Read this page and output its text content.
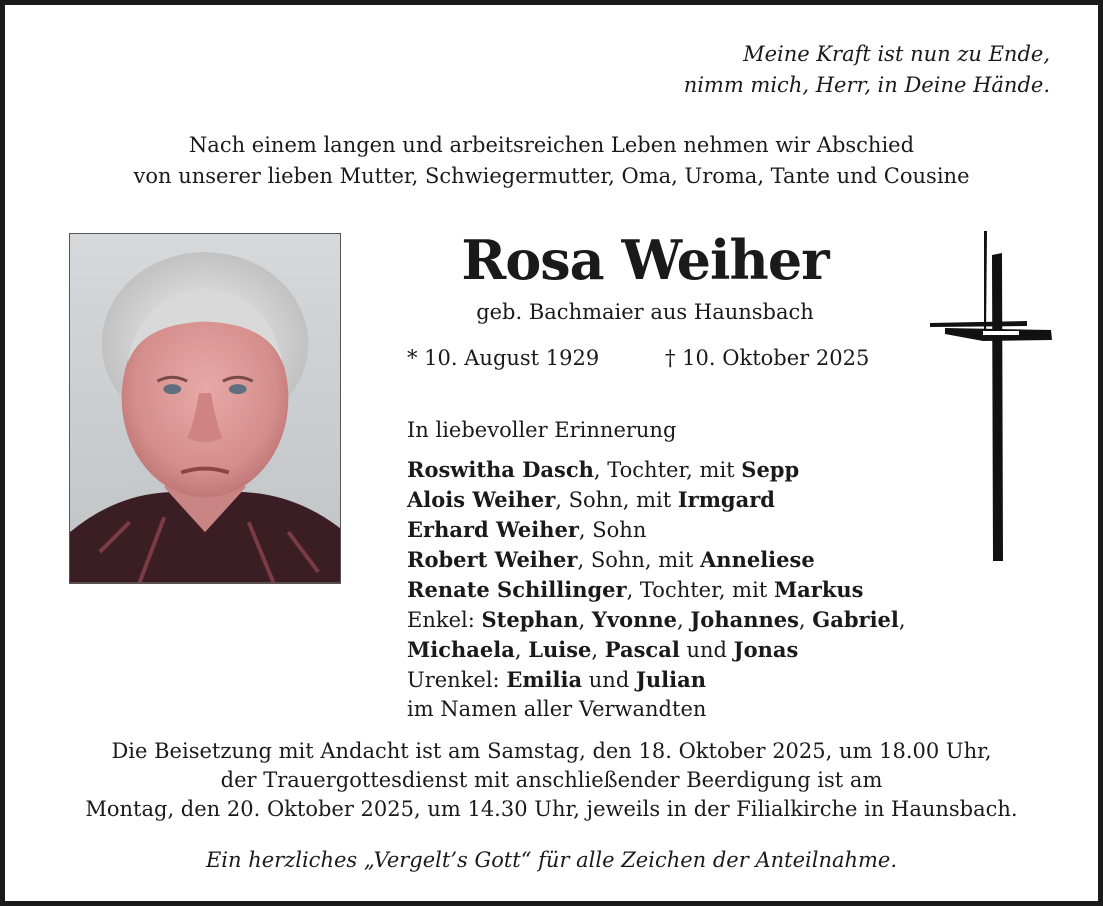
Meine Kraft ist nun zu Ende,
nimm mich, Herr, in Deine Hände.
Nach einem langen und arbeitsreichen Leben nehmen wir Abschied
von unserer lieben Mutter, Schwiegermutter, Oma, Uroma, Tante und Cousine
Rosa Weiher
geb. Bachmaier aus Haunsbach
* 10. August 1929	† 10. Oktober 2025
In liebevoller Erinnerung
Roswitha Dasch, Tochter, mit Sepp
Alois Weiher, Sohn, mit Irmgard
Erhard Weiher, Sohn
Robert Weiher, Sohn, mit Anneliese
Renate Schillinger, Tochter, mit Markus
Enkel: Stephan, Yvonne, Johannes, Gabriel,
Michaela, Luise, Pascal und Jonas
Urenkel: Emilia und Julian
im Namen aller Verwandten
Die Beisetzung mit Andacht ist am Samstag, den 18. Oktober 2025, um 18.00 Uhr,
der Trauergottesdienst mit anschließender Beerdigung ist am
Montag, den 20. Oktober 2025, um 14.30 Uhr, jeweils in der Filialkirche in Haunsbach.
Ein herzliches „Vergelt’s Gott“ für alle Zeichen der Anteilnahme.
